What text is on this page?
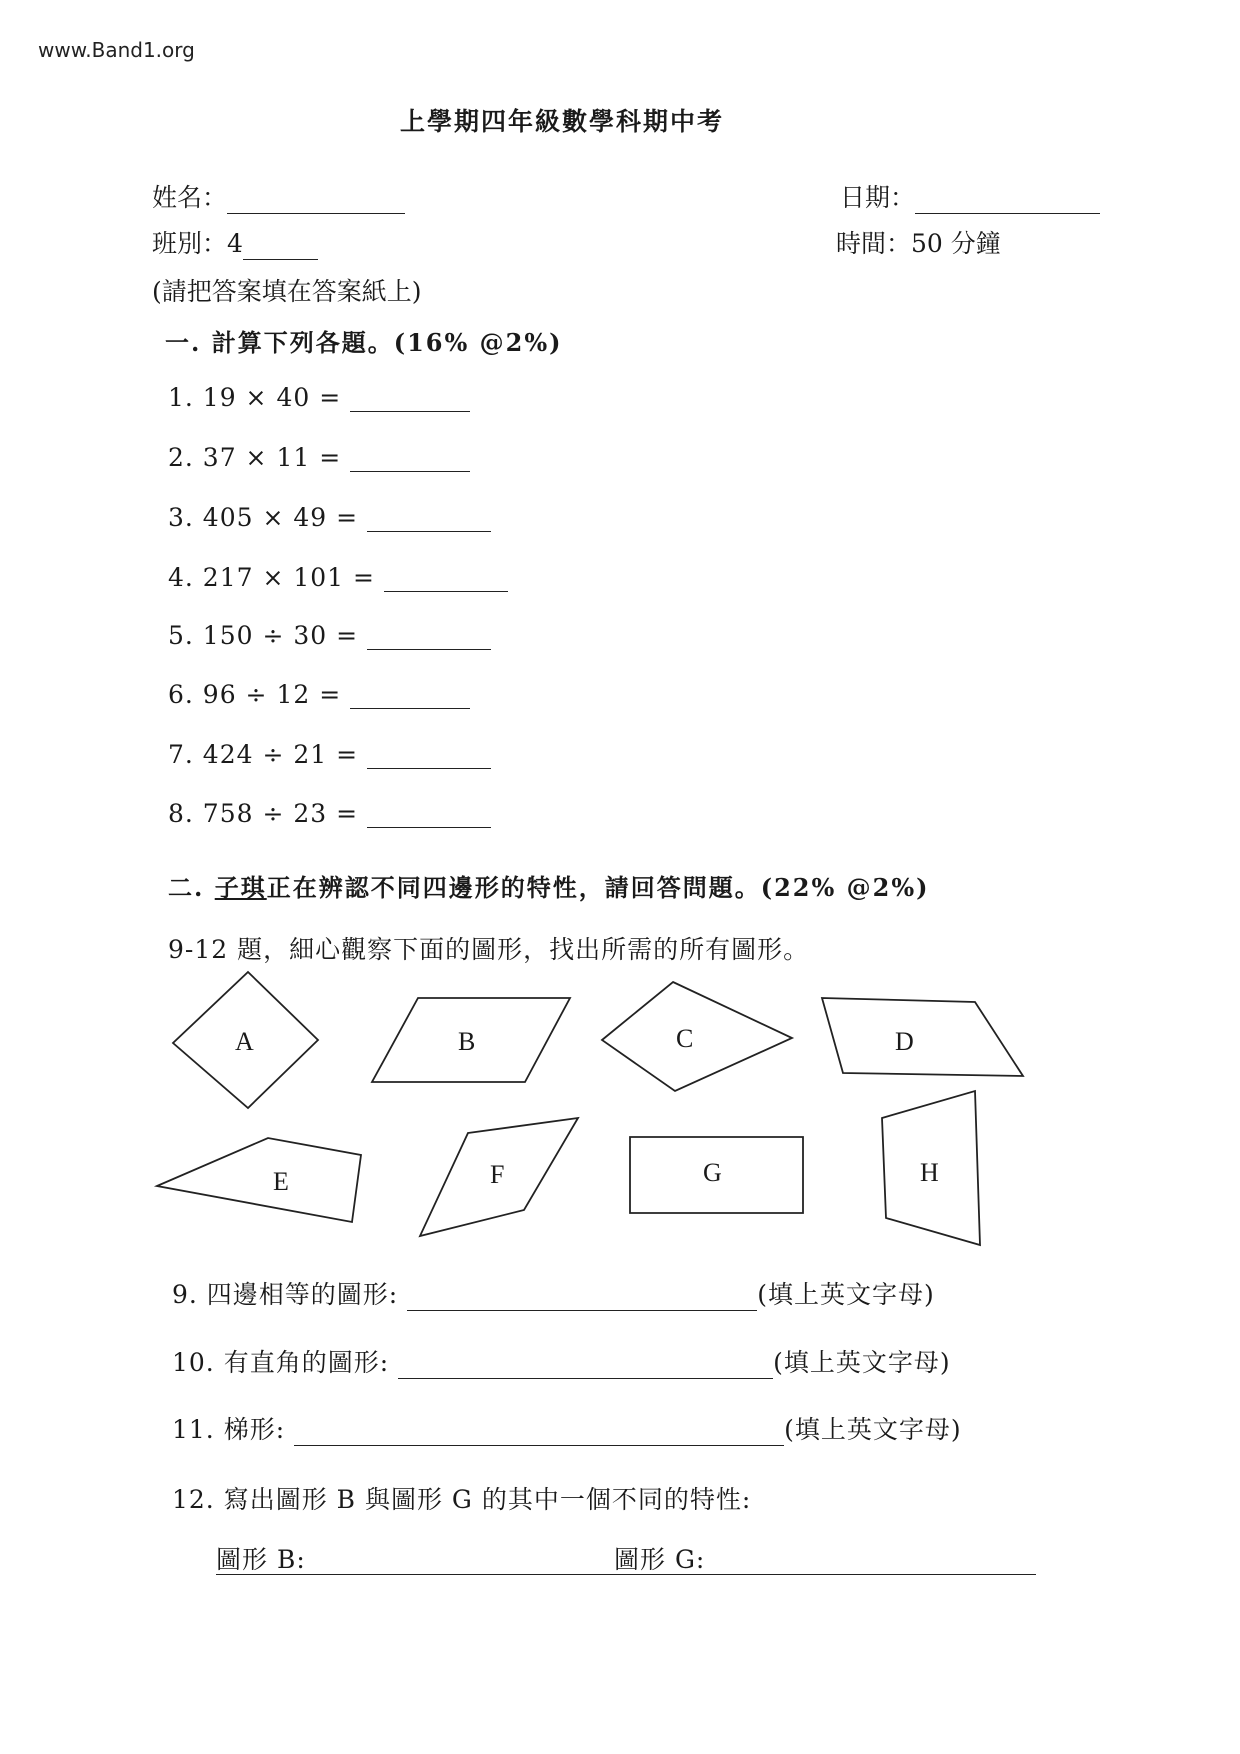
www.Band1.org
上學期四年級數學科期中考
姓名：	日期：
班別：4	時間：50 分鐘
(請把答案填在答案紙上)
一. 計算下列各題。(16% @2%)
1. 19 × 40 =
2. 37 × 11 =
3. 405 × 49 =
4. 217 × 101 =
5. 150 ÷ 30 =
6. 96 ÷ 12 =
7. 424 ÷ 21 =
8. 758 ÷ 23 =
二. 子琪正在辨認不同四邊形的特性，請回答問題。(22% @2%)
9-12 題，細心觀察下面的圖形，找出所需的所有圖形。
A	B	C	D
E	F	G	H
9. 四邊相等的圖形:	(填上英文字母)
10. 有直角的圖形:	(填上英文字母)
11. 梯形:	(填上英文字母)
12. 寫出圖形 B 與圖形 G 的其中一個不同的特性:
圖形 B:	圖形 G:
